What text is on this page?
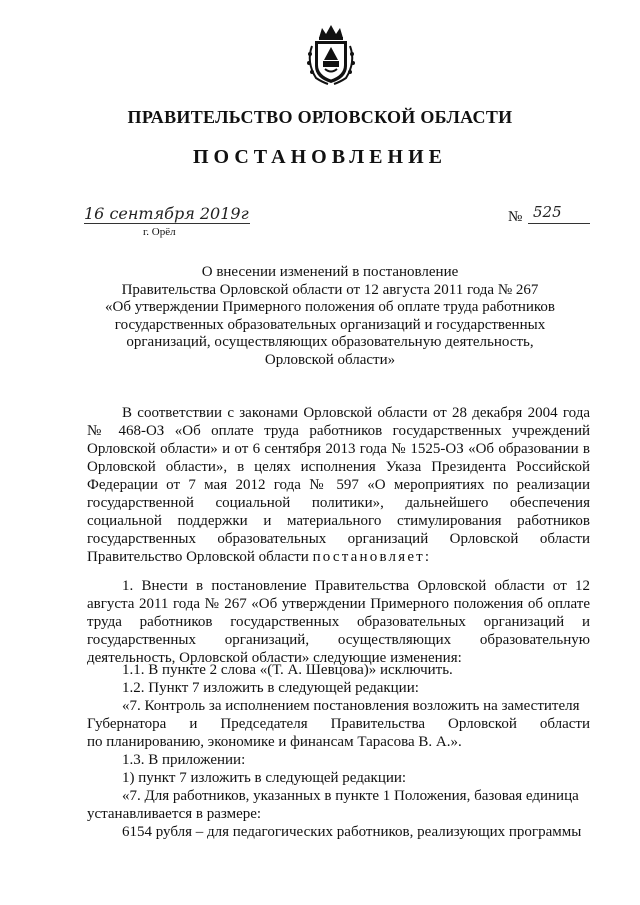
ПРАВИТЕЛЬСТВО ОРЛОВСКОЙ ОБЛАСТИ
ПОСТАНОВЛЕНИЕ
16 сентября 2019г
г. Орёл
№ 525
О внесении изменений в постановление
Правительства Орловской области от 12 августа 2011 года № 267
«Об утверждении Примерного положения об оплате труда работников
государственных образовательных организаций и государственных
организаций, осуществляющих образовательную деятельность,
Орловской области»
В соответствии с законами Орловской области от 28 декабря 2004 года № 468-ОЗ «Об оплате труда работников государственных учреждений Орловской области» и от 6 сентября 2013 года № 1525-ОЗ «Об образовании в Орловской области», в целях исполнения Указа Президента Российской Федерации от 7 мая 2012 года № 597 «О мероприятиях по реализации государственной социальной политики», дальнейшего обеспечения социальной поддержки и материального стимулирования работников государственных образовательных организаций Орловской области Правительство Орловской области постановляет:
1. Внести в постановление Правительства Орловской области от 12 августа 2011 года № 267 «Об утверждении Примерного положения об оплате труда работников государственных образовательных организаций и государственных организаций, осуществляющих образовательную деятельность, Орловской области» следующие изменения:
1.1. В пункте 2 слова «(Т. А. Шевцова)» исключить.
1.2. Пункт 7 изложить в следующей редакции:
«7. Контроль за исполнением постановления возложить на заместителя
Губернатора и Председателя Правительства Орловской области
по планированию, экономике и финансам Тарасова В. А.».
1.3. В приложении:
1) пункт 7 изложить в следующей редакции:
«7. Для работников, указанных в пункте 1 Положения, базовая единица
устанавливается в размере:
6154 рубля – для педагогических работников, реализующих программы
